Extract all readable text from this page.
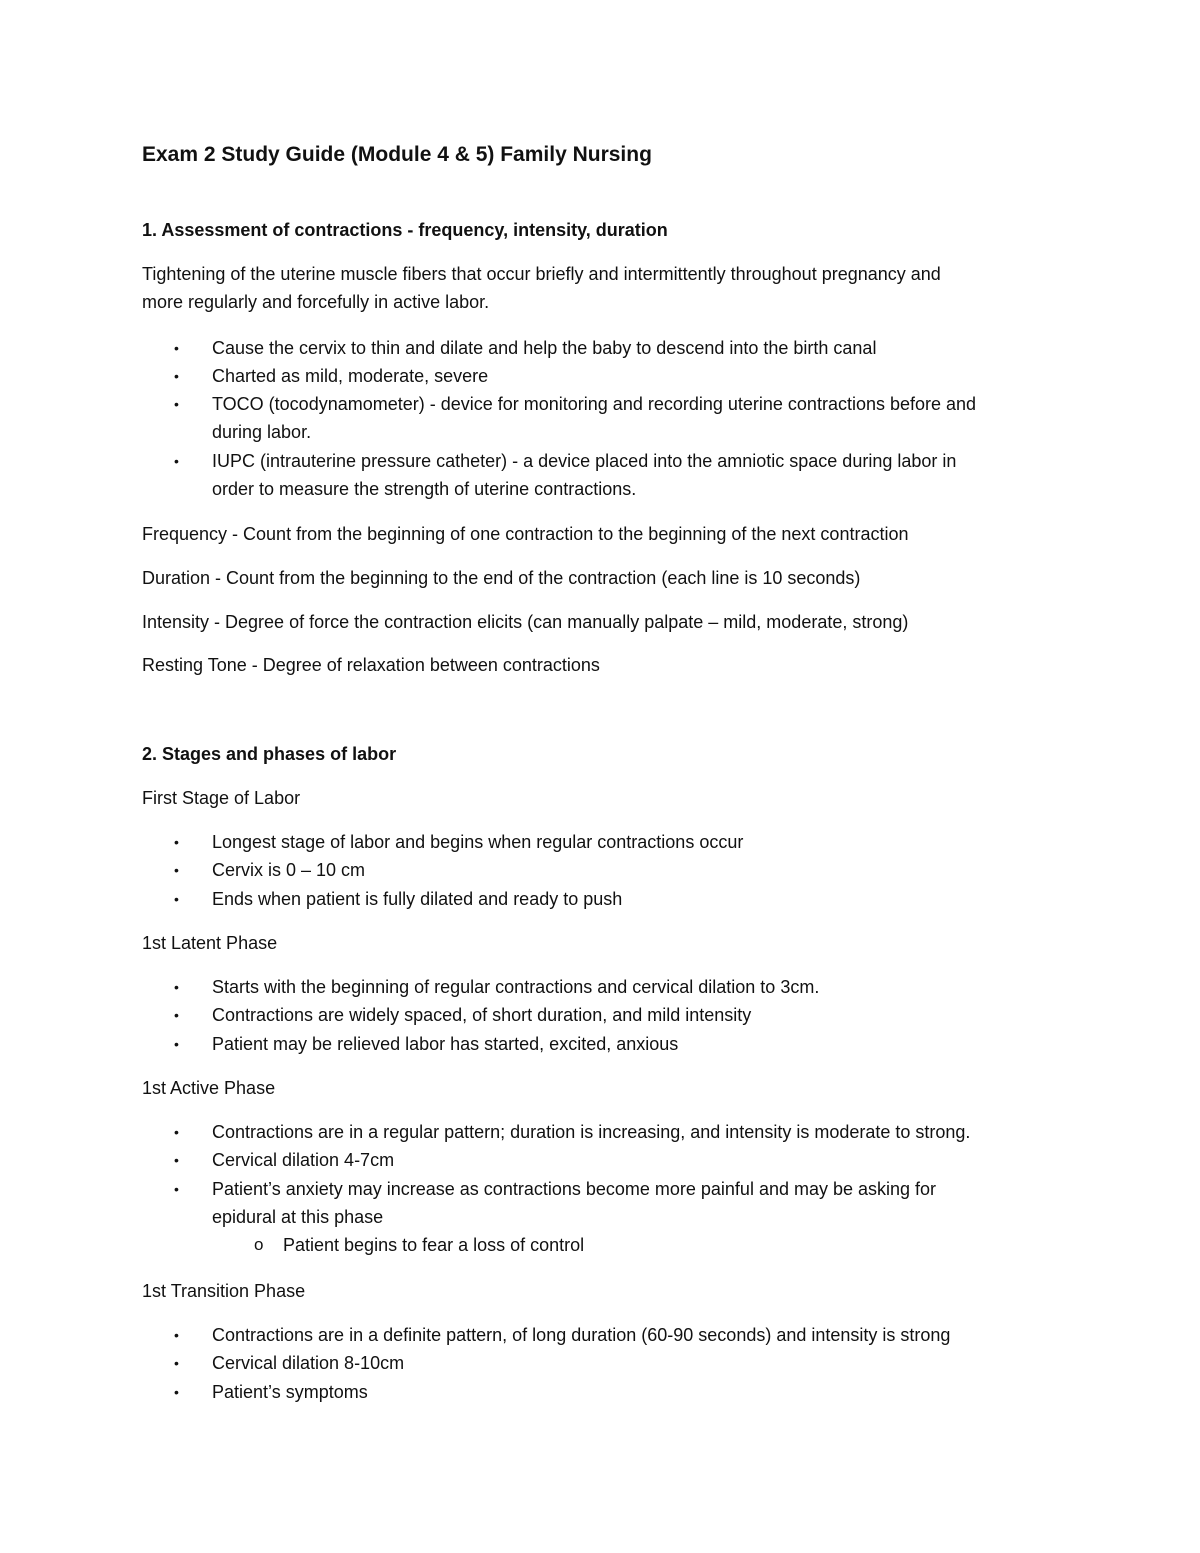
Exam 2 Study Guide (Module 4 & 5) Family Nursing
1. Assessment of contractions - frequency, intensity, duration
Tightening of the uterine muscle fibers that occur briefly and intermittently throughout pregnancy and
more regularly and forcefully in active labor.
• Cause the cervix to thin and dilate and help the baby to descend into the birth canal
• Charted as mild, moderate, severe
• TOCO (tocodynamometer) - device for monitoring and recording uterine contractions before and
during labor.
• IUPC (intrauterine pressure catheter) - a device placed into the amniotic space during labor in
order to measure the strength of uterine contractions.
Frequency - Count from the beginning of one contraction to the beginning of the next contraction
Duration - Count from the beginning to the end of the contraction (each line is 10 seconds)
Intensity - Degree of force the contraction elicits (can manually palpate – mild, moderate, strong)
Resting Tone - Degree of relaxation between contractions
2. Stages and phases of labor
First Stage of Labor
• Longest stage of labor and begins when regular contractions occur
• Cervix is 0 – 10 cm
• Ends when patient is fully dilated and ready to push
1st Latent Phase
• Starts with the beginning of regular contractions and cervical dilation to 3cm.
• Contractions are widely spaced, of short duration, and mild intensity
• Patient may be relieved labor has started, excited, anxious
1st Active Phase
• Contractions are in a regular pattern; duration is increasing, and intensity is moderate to strong.
• Cervical dilation 4-7cm
• Patient’s anxiety may increase as contractions become more painful and may be asking for
epidural at this phase
o Patient begins to fear a loss of control
1st Transition Phase
• Contractions are in a definite pattern, of long duration (60-90 seconds) and intensity is strong
• Cervical dilation 8-10cm
• Patient’s symptoms
